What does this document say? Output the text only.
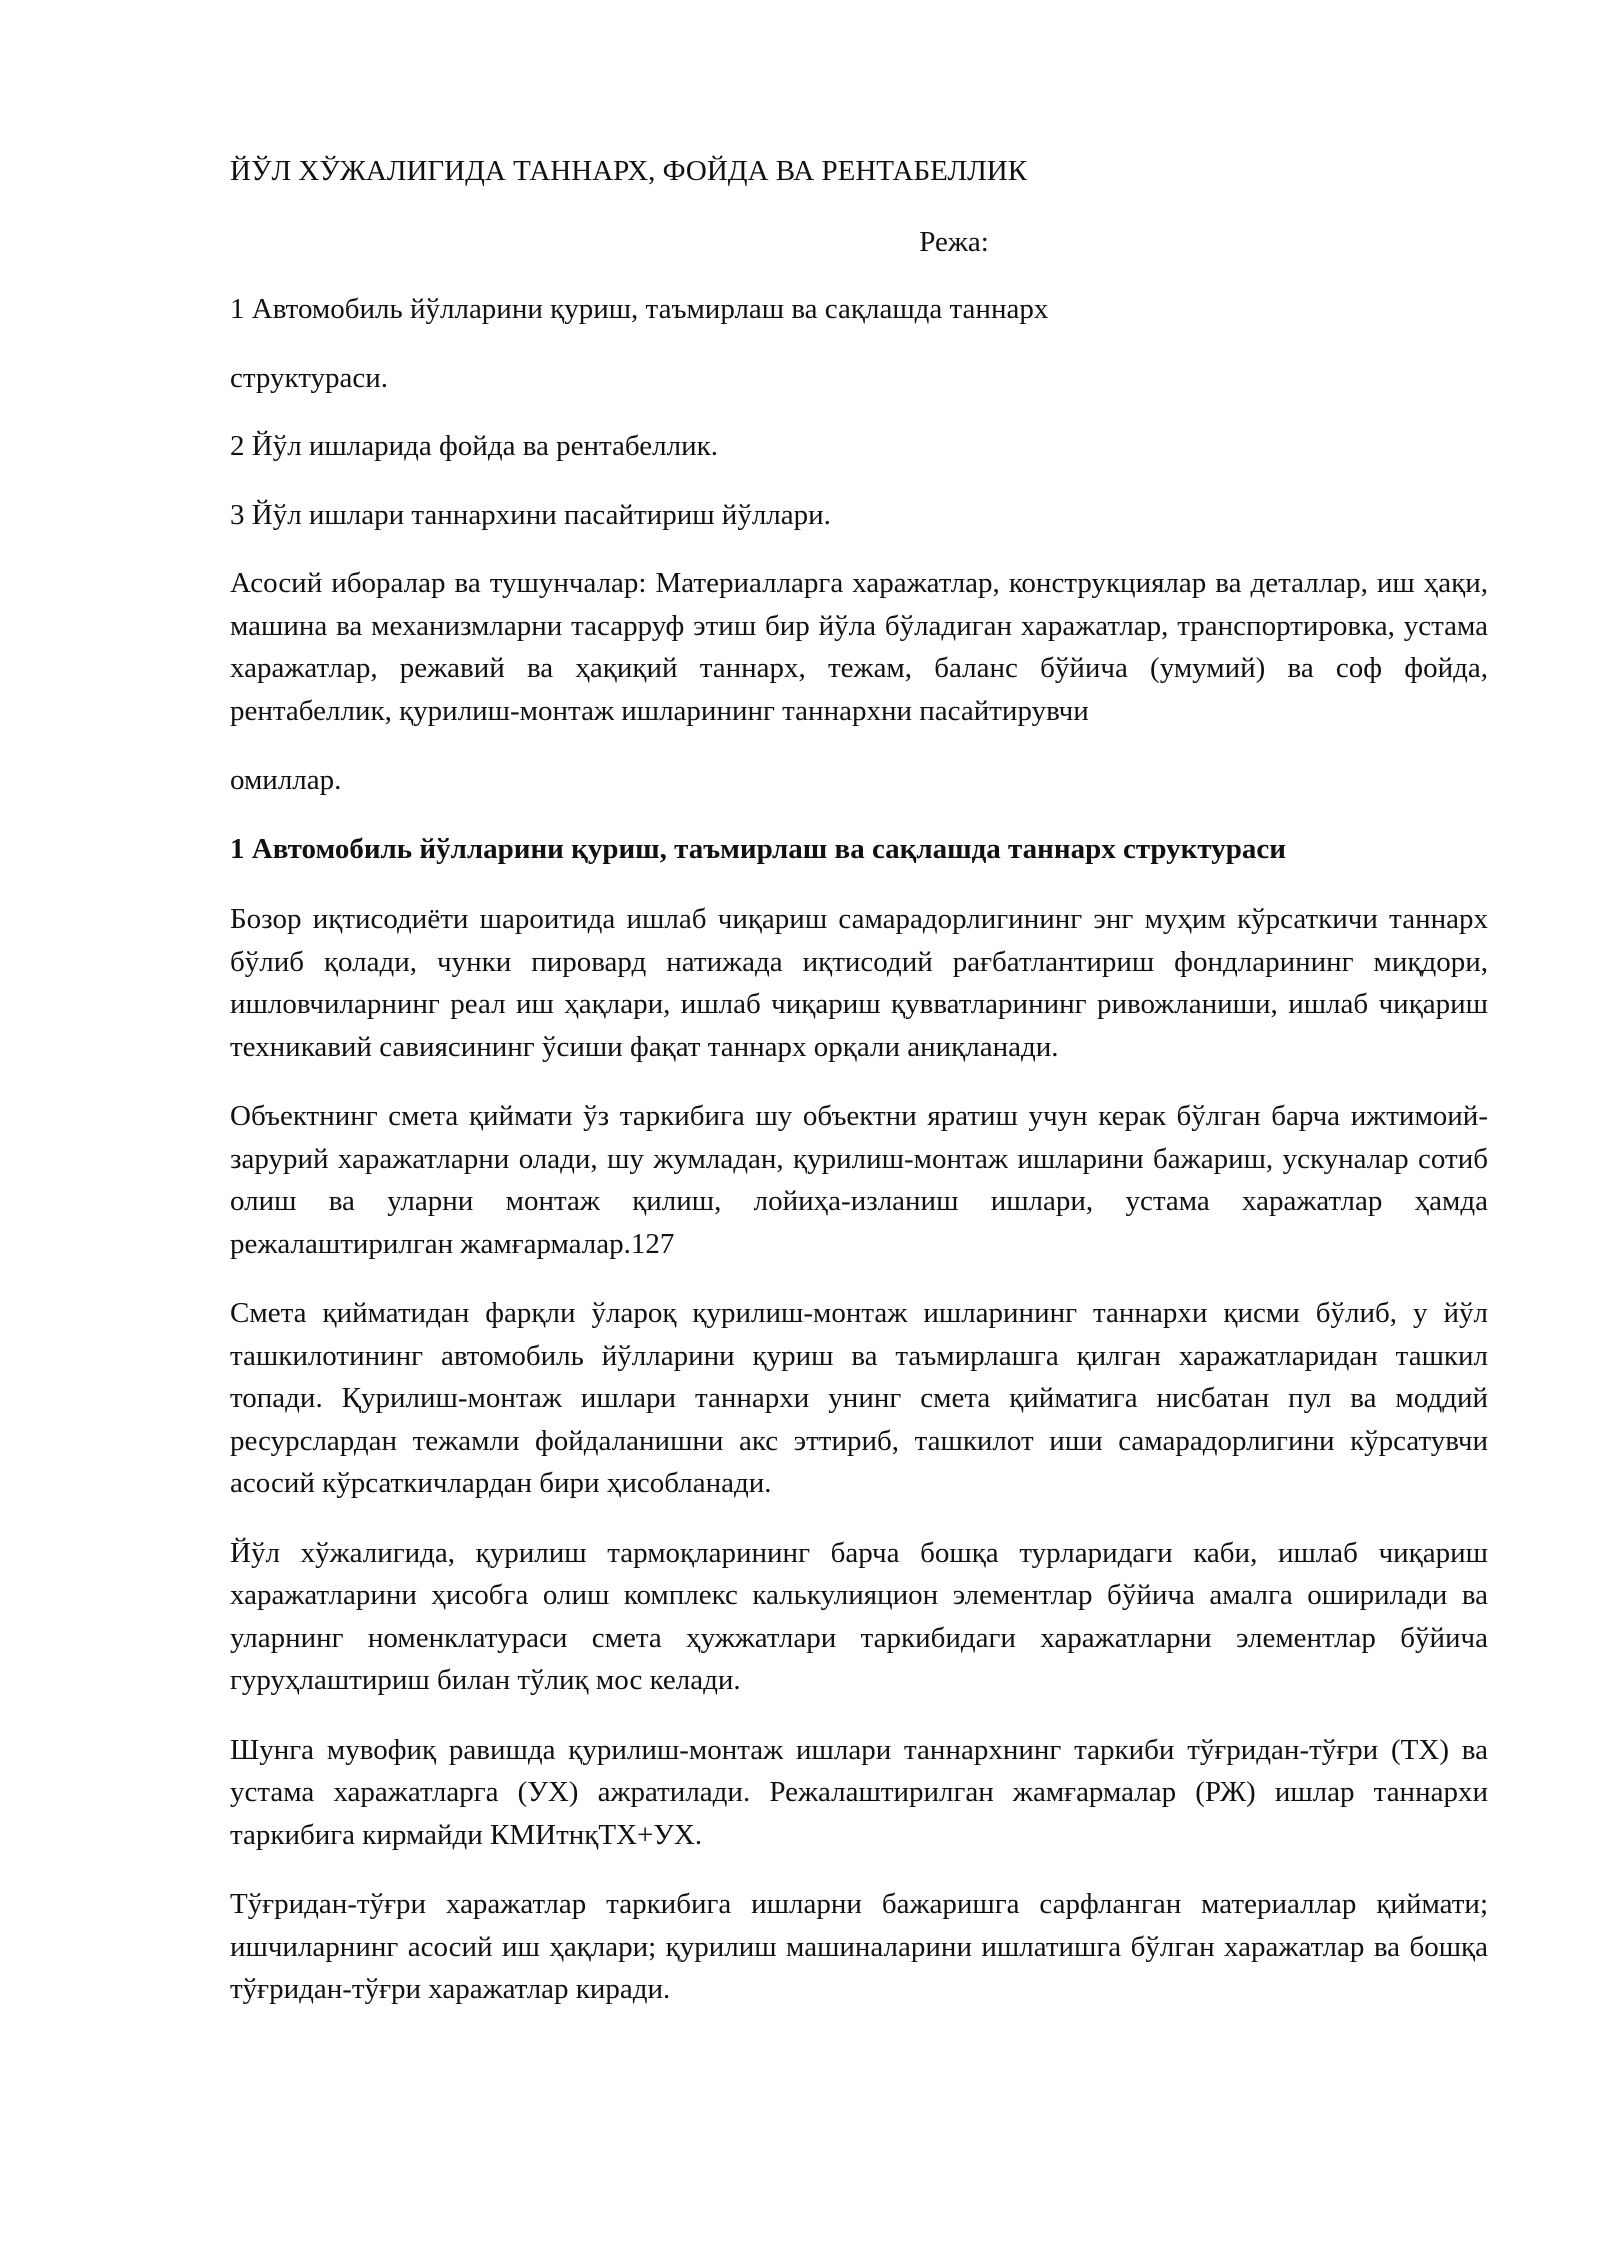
ЙЎЛ ХЎЖАЛИГИДА ТАННАРХ, ФОЙДА ВА РЕНТАБЕЛЛИК

Режа:

1 Автомобиль йўлларини қуриш, таъмирлаш ва сақлашда таннарх

структураси.

2 Йўл ишларида фойда ва рентабеллик.

3 Йўл ишлари таннархини пасайтириш йўллари.

Асосий иборалар ва тушунчалар: Материалларга харажатлар, конструкциялар ва деталлар, иш ҳақи, машина ва механизмларни тасарруф этиш бир йўла бўладиган харажатлар, транспортировка, устама харажатлар, режавий ва ҳақиқий таннарх, тежам, баланс бўйича (умумий) ва соф фойда, рентабеллик, қурилиш-монтаж ишларининг таннархни пасайтирувчи

омиллар.

1 Автомобиль йўлларини қуриш, таъмирлаш ва сақлашда таннарх структураси

Бозор иқтисодиёти шароитида ишлаб чиқариш самарадорлигининг энг муҳим кўрсаткичи таннарх бўлиб қолади, чунки пировард натижада иқтисодий рағбатлантириш фондларининг миқдори, ишловчиларнинг реал иш ҳақлари, ишлаб чиқариш қувватларининг ривожланиши, ишлаб чиқариш техникавий савиясининг ўсиши фақат таннарх орқали аниқланади.

Объектнинг смета қиймати ўз таркибига шу объектни яратиш учун керак бўлган барча ижтимоий-зарурий харажатларни олади, шу жумладан, қурилиш-монтаж ишларини бажариш, ускуналар сотиб олиш ва уларни монтаж қилиш, лойиҳа-изланиш ишлари, устама харажатлар ҳамда режалаштирилган жамғармалар.127

Смета қийматидан фарқли ўлароқ қурилиш-монтаж ишларининг таннархи қисми бўлиб, у йўл ташкилотининг автомобиль йўлларини қуриш ва таъмирлашга қилган харажатларидан ташкил топади. Қурилиш-монтаж ишлари таннархи унинг смета қийматига нисбатан пул ва моддий ресурслардан тежамли фойдаланишни акс эттириб, ташкилот иши самарадорлигини кўрсатувчи асосий кўрсаткичлардан бири ҳисобланади.

Йўл хўжалигида, қурилиш тармоқларининг барча бошқа турларидаги каби, ишлаб чиқариш харажатларини ҳисобга олиш комплекс калькулияцион элементлар бўйича амалга оширилади ва уларнинг номенклатураси смета ҳужжатлари таркибидаги харажатларни элементлар бўйича гуруҳлаштириш билан тўлиқ мос келади.

Шунга мувофиқ равишда қурилиш-монтаж ишлари таннархнинг таркиби тўғридан-тўғри (ТХ) ва устама харажатларга (УХ) ажратилади. Режалаштирилган жамғармалар (РЖ) ишлар таннархи таркибига кирмайди КМИтнқТХ+УХ.

Тўғридан-тўғри харажатлар таркибига ишларни бажаришга сарфланган материаллар қиймати; ишчиларнинг асосий иш ҳақлари; қурилиш машиналарини ишлатишга бўлган харажатлар ва бошқа тўғридан-тўғри харажатлар киради.
